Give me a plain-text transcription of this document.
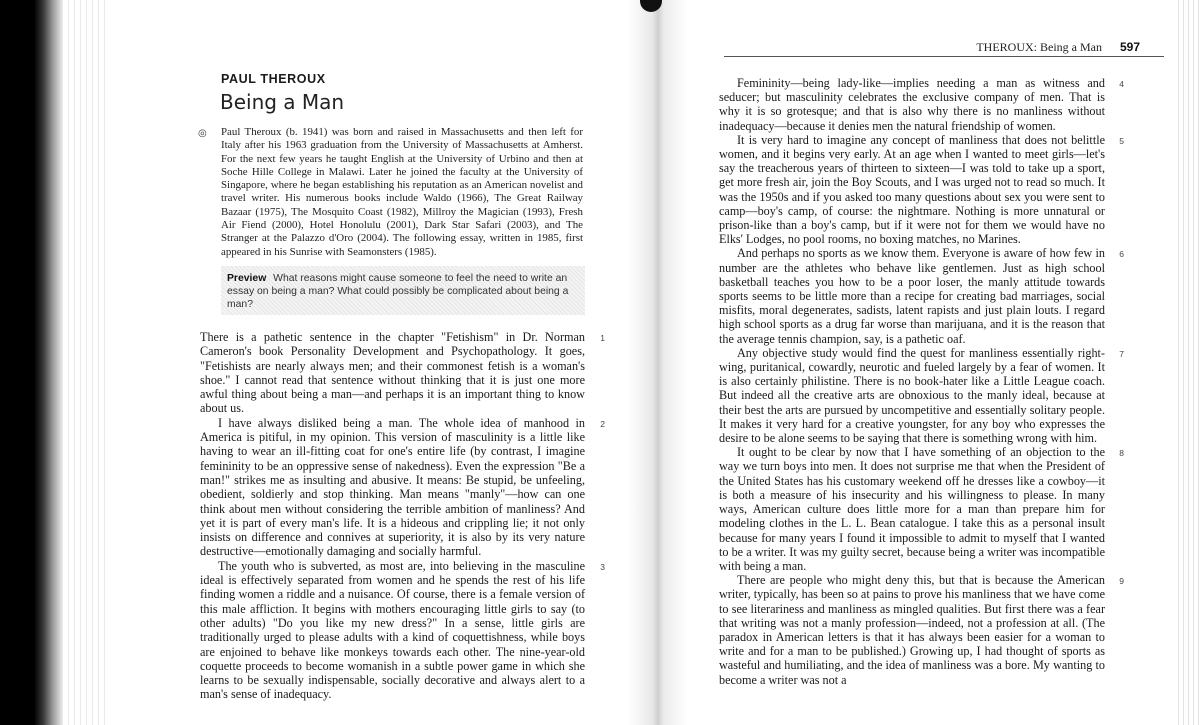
PAUL THEROUX
Being a Man
◎ Paul Theroux (b. 1941) was born and raised in Massachusetts and then left for Italy after his 1963 graduation from the University of Massachusetts at Amherst. For the next few years he taught English at the University of Urbino and then at Soche Hille College in Malawi. Later he joined the faculty at the University of Singapore, where he began establishing his reputation as an American novelist and travel writer. His numerous books include Waldo (1966), The Great Railway Bazaar (1975), The Mosquito Coast (1982), Millroy the Magician (1993), Fresh Air Fiend (2000), Hotel Honolulu (2001), Dark Star Safari (2003), and The Stranger at the Palazzo d'Oro (2004). The following essay, written in 1985, first appeared in his Sunrise with Seamonsters (1985).

Preview What reasons might cause someone to feel the need to write an essay on being a man? What could possibly be complicated about being a man?

There is a pathetic sentence in the chapter "Fetishism" in Dr. Norman Cameron's book Personality Development and Psychopathology. It goes, "Fetishists are nearly always men; and their commonest fetish is a woman's shoe." I cannot read that sentence without thinking that it is just one more awful thing about being a man—and perhaps it is an important thing to know about us.
1

I have always disliked being a man. The whole idea of manhood in America is pitiful, in my opinion. This version of masculinity is a little like having to wear an ill-fitting coat for one's entire life (by contrast, I imagine femininity to be an oppressive sense of nakedness). Even the expression "Be a man!" strikes me as insulting and abusive. It means: Be stupid, be unfeeling, obedient, soldierly and stop thinking. Man means "manly"—how can one think about men without considering the terrible ambition of manliness? And yet it is part of every man's life. It is a hideous and crippling lie; it not only insists on difference and connives at superiority, it is also by its very nature destructive—emotionally damaging and socially harmful.
2

The youth who is subverted, as most are, into believing in the masculine ideal is effectively separated from women and he spends the rest of his life finding women a riddle and a nuisance. Of course, there is a female version of this male affliction. It begins with mothers encouraging little girls to say (to other adults) "Do you like my new dress?" In a sense, little girls are traditionally urged to please adults with a kind of coquettishness, while boys are enjoined to behave like monkeys towards each other. The nine-year-old coquette proceeds to become womanish in a subtle power game in which she learns to be sexually indispensable, socially decorative and always alert to a man's sense of inadequacy.
3

THEROUX: Being a Man 597

Femininity—being lady-like—implies needing a man as witness and seducer; but masculinity celebrates the exclusive company of men. That is why it is so grotesque; and that is also why there is no manliness without inadequacy—because it denies men the natural friendship of women.
4

It is very hard to imagine any concept of manliness that does not belittle women, and it begins very early. At an age when I wanted to meet girls—let's say the treacherous years of thirteen to sixteen—I was told to take up a sport, get more fresh air, join the Boy Scouts, and I was urged not to read so much. It was the 1950s and if you asked too many questions about sex you were sent to camp—boy's camp, of course: the nightmare. Nothing is more unnatural or prison-like than a boy's camp, but if it were not for them we would have no Elks' Lodges, no pool rooms, no boxing matches, no Marines.
5

And perhaps no sports as we know them. Everyone is aware of how few in number are the athletes who behave like gentlemen. Just as high school basketball teaches you how to be a poor loser, the manly attitude towards sports seems to be little more than a recipe for creating bad marriages, social misfits, moral degenerates, sadists, latent rapists and just plain louts. I regard high school sports as a drug far worse than marijuana, and it is the reason that the average tennis champion, say, is a pathetic oaf.
6

Any objective study would find the quest for manliness essentially right-wing, puritanical, cowardly, neurotic and fueled largely by a fear of women. It is also certainly philistine. There is no book-hater like a Little League coach. But indeed all the creative arts are obnoxious to the manly ideal, because at their best the arts are pursued by uncompetitive and essentially solitary people. It makes it very hard for a creative youngster, for any boy who expresses the desire to be alone seems to be saying that there is something wrong with him.
7

It ought to be clear by now that I have something of an objection to the way we turn boys into men. It does not surprise me that when the President of the United States has his customary weekend off he dresses like a cowboy—it is both a measure of his insecurity and his willingness to please. In many ways, American culture does little more for a man than prepare him for modeling clothes in the L. L. Bean catalogue. I take this as a personal insult because for many years I found it impossible to admit to myself that I wanted to be a writer. It was my guilty secret, because being a writer was incompatible with being a man.
8

There are people who might deny this, but that is because the American writer, typically, has been so at pains to prove his manliness that we have come to see literariness and manliness as mingled qualities. But first there was a fear that writing was not a manly profession—indeed, not a profession at all. (The paradox in American letters is that it has always been easier for a woman to write and for a man to be published.) Growing up, I had thought of sports as wasteful and humiliating, and the idea of manliness was a bore. My wanting to become a writer was not a
9
